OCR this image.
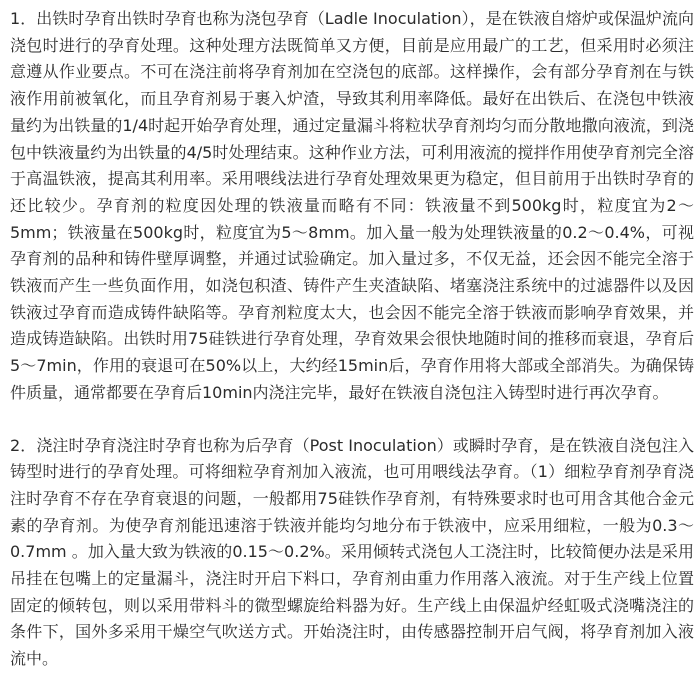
1．出铁时孕育出铁时孕育也称为浇包孕育（Ladle Inoculation），是在铁液自熔炉或保温炉流向浇包时进行的孕育处理。这种处理方法既简单又方便，目前是应用最广的工艺，但采用时必须注意遵从作业要点。不可在浇注前将孕育剂加在空浇包的底部。这样操作，会有部分孕育剂在与铁液作用前被氧化，而且孕育剂易于裹入炉渣，导致其利用率降低。最好在出铁后、在浇包中铁液量约为出铁量的1/4时起开始孕育处理，通过定量漏斗将粒状孕育剂均匀而分散地撒向液流，到浇包中铁液量约为出铁量的4/5时处理结束。这种作业方法，可利用液流的搅拌作用使孕育剂完全溶于高温铁液，提高其利用率。采用喂线法进行孕育处理效果更为稳定，但目前用于出铁时孕育的还比较少。孕育剂的粒度因处理的铁液量而略有不同：铁液量不到500kg时，粒度宜为2～5mm；铁液量在500kg时，粒度宜为5～8mm。加入量一般为处理铁液量的0.2～0.4%，可视孕育剂的品种和铸件壁厚调整，并通过试验确定。加入量过多，不仅无益，还会因不能完全溶于铁液而产生一些负面作用，如浇包积渣、铸件产生夹渣缺陷、堵塞浇注系统中的过滤器件以及因铁液过孕育而造成铸件缺陷等。孕育剂粒度太大，也会因不能完全溶于铁液而影响孕育效果，并造成铸造缺陷。出铁时用75硅铁进行孕育处理，孕育效果会很快地随时间的推移而衰退，孕育后5～7min，作用的衰退可在50%以上，大约经15min后，孕育作用将大部或全部消失。为确保铸件质量，通常都要在孕育后10min内浇注完毕，最好在铁液自浇包注入铸型时进行再次孕育。

2．浇注时孕育浇注时孕育也称为后孕育（Post Inoculation）或瞬时孕育，是在铁液自浇包注入铸型时进行的孕育处理。可将细粒孕育剂加入液流，也可用喂线法孕育。（1）细粒孕育剂孕育浇注时孕育不存在孕育衰退的问题，一般都用75硅铁作孕育剂，有特殊要求时也可用含其他合金元素的孕育剂。为使孕育剂能迅速溶于铁液并能均匀地分布于铁液中，应采用细粒，一般为0.3～0.7mm 。加入量大致为铁液的0.15～0.2%。采用倾转式浇包人工浇注时，比较简便办法是采用吊挂在包嘴上的定量漏斗，浇注时开启下料口，孕育剂由重力作用落入液流。对于生产线上位置固定的倾转包，则以采用带料斗的微型螺旋给料器为好。生产线上由保温炉经虹吸式浇嘴浇注的条件下，国外多采用干燥空气吹送方式。开始浇注时，由传感器控制开启气阀，将孕育剂加入液流中。
